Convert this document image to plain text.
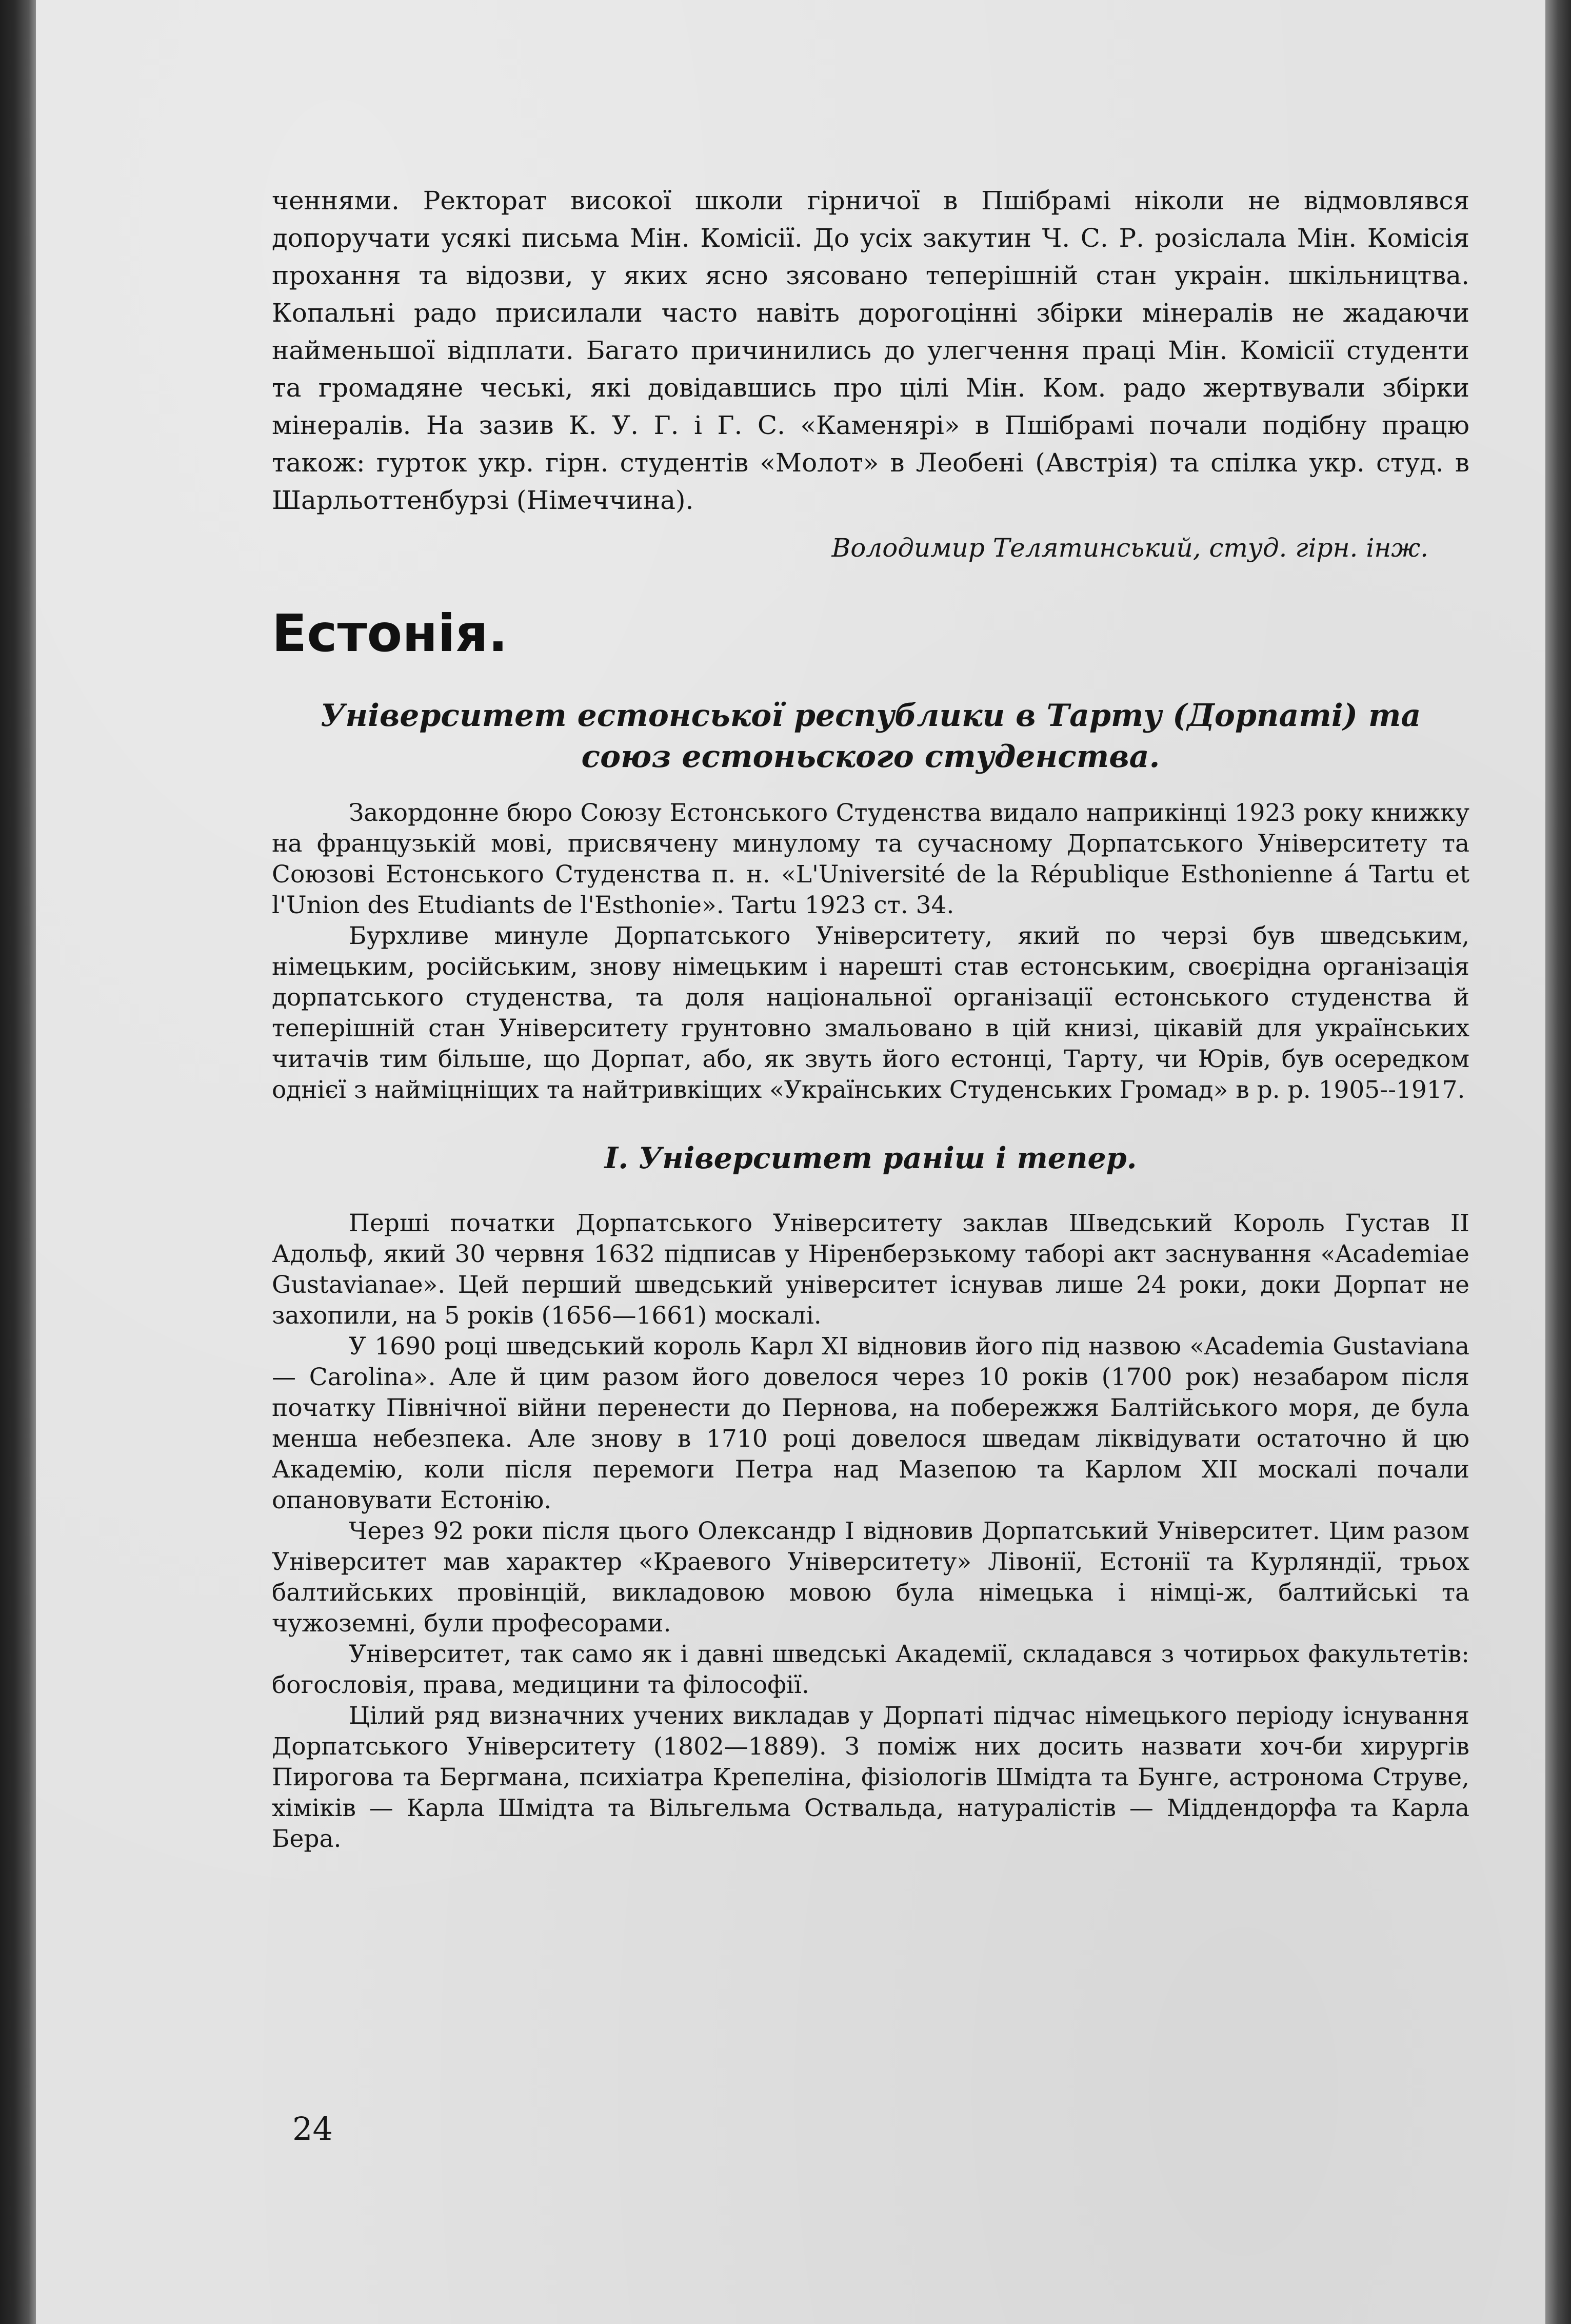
ченнями. Ректорат високої школи гірничої в Пшібрамі ніколи не відмовлявся допоручати усякі письма Мін. Комісії. До усіх закутин Ч. С. Р. розіслала Мін. Комісія прохання та відозви, у яких ясно зясовано теперішній стан украін. шкільництва. Копальні радо присилали часто навіть дорогоцінні збірки мінералів не жадаючи найменьшої відплати. Багато причинились до улегчення праці Мін. Комісії студенти та громадяне чеські, які довідавшись про цілі Мін. Ком. радо жертвували збірки мінералів. На зазив К. У. Г. і Г. С. «Каменярі» в Пшібрамі почали подібну працю також: гурток укр. гірн. студентів «Молот» в Леобені (Австрія) та спілка укр. студ. в Шарльоттенбурзі (Німеччина).

Володимир Телятинський, студ. гірн. інж.

Естонія.
Університет естонської республики в Тарту (Дорпаті) та союз естоньского студенства.

Закордонне бюро Союзу Естонського Студенства видало наприкінці 1923 року книжку на французькій мові, присвячену минулому та сучасному Дорпатського Університету та Союзові Естонського Студенства п. н. «L'Université de la République Esthonienne á Tartu et l'Union des Etudiants de l'Esthonie». Tartu 1923 ст. 34.

Бурхливе минуле Дорпатського Університету, який по черзі був шведським, німецьким, російським, знову німецьким і нарешті став естонським, своєрідна організація дорпатського студенства, та доля національної організації естонського студенства й теперішній стан Університету грунтовно змальовано в цій книзі, цікавій для українських читачів тим більше, що Дорпат, або, як звуть його естонці, Тарту, чи Юрів, був осередком однієї з найміцніщих та найтривкіщих «Українських Студенських Громад» в р. р. 1905--1917.

І. Університет раніш і тепер.

Перші початки Дорпатського Університету заклав Шведський Король Густав II Адольф, який 30 червня 1632 підписав у Ніренберзькому таборі акт заснування «Academiae Gustavianae». Цей перший шведський університет існував лише 24 роки, доки Дорпат не захопили, на 5 років (1656—1661) москалі.

У 1690 році шведський король Карл XI відновив його під назвою «Academia Gustaviana — Carolina». Але й цим разом його довелося через 10 років (1700 рок) незабаром після початку Північної війни перенести до Пернова, на побережжя Балтійського моря, де була менша небезпека. Але знову в 1710 році довелося шведам ліквідувати остаточно й цю Академію, коли після перемоги Петра над Мазепою та Карлом XII москалі почали опановувати Естонію.

Через 92 роки після цього Олександр I відновив Дорпатський Університет. Цим разом Університет мав характер «Краевого Університету» Лівонії, Естонії та Курляндії, трьох балтийських провінцій, викладовою мовою була німецька і німці-ж, балтийські та чужоземні, були професорами.

Університет, так само як і давні шведські Академії, складався з чотирьох факультетів: богословія, права, медицини та філософії.

Цілий ряд визначних учених викладав у Дорпаті підчас німецького періоду існування Дорпатського Університету (1802—1889). З поміж них досить назвати хоч-би хирургів Пирогова та Бергмана, психіатра Крепеліна, фізіологів Шмідта та Бунге, астронома Струве, хіміків — Карла Шмідта та Вільгельма Оствальда, натуралістів — Міддендорфа та Карла Бера.

24
